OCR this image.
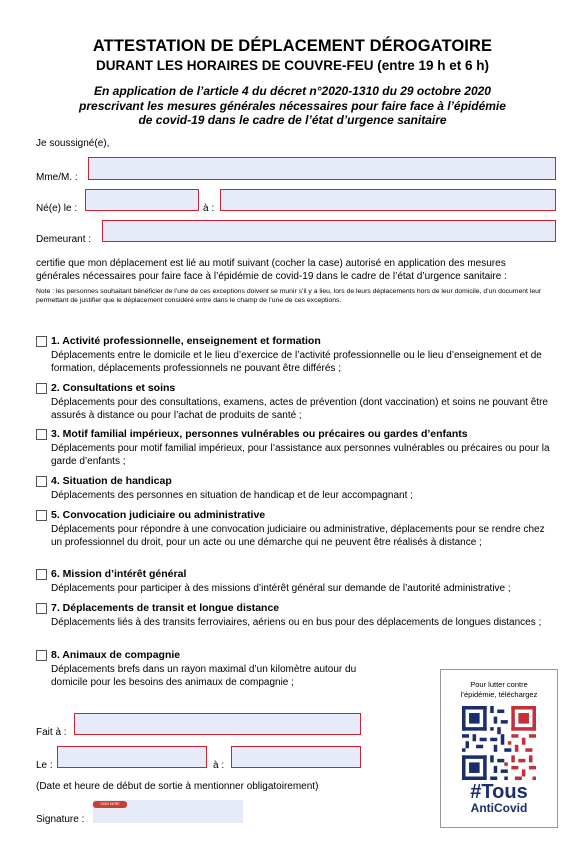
ATTESTATION DE DÉPLACEMENT DÉROGATOIRE
DURANT LES HORAIRES DE COUVRE-FEU (entre 19 h et 6 h)
En application de l’article 4 du décret n°2020-1310 du 29 octobre 2020
prescrivant les mesures générales nécessaires pour faire face à l’épidémie
de covid-19 dans le cadre de l’état d’urgence sanitaire
Je soussigné(e),
Mme/M. :
Né(e) le :	à :
Demeurant :
certifie que mon déplacement est lié au motif suivant (cocher la case) autorisé en application des mesures générales nécessaires pour faire face à l’épidémie de covid-19 dans le cadre de l’état d’urgence sanitaire :
Note : les personnes souhaitant bénéficier de l’une de ces exceptions doivent se munir s’il y a lieu, lors de leurs déplacements hors de leur domicile, d’un document leur permettant de justifier que le déplacement considéré entre dans le champ de l’une de ces exceptions.
1. Activité professionnelle, enseignement et formation
Déplacements entre le domicile et le lieu d’exercice de l’activité professionnelle ou le lieu d’enseignement et de formation, déplacements professionnels ne pouvant être différés ;
2. Consultations et soins
Déplacements pour des consultations, examens, actes de prévention (dont vaccination) et soins ne pouvant être assurés à distance ou pour l’achat de produits de santé ;
3. Motif familial impérieux, personnes vulnérables ou précaires ou gardes d’enfants
Déplacements pour motif familial impérieux, pour l’assistance aux personnes vulnérables ou précaires ou pour la garde d’enfants ;
4. Situation de handicap
Déplacements des personnes en situation de handicap et de leur accompagnant ;
5. Convocation judiciaire ou administrative
Déplacements pour répondre à une convocation judiciaire ou administrative, déplacements pour se rendre chez un professionnel du droit, pour un acte ou une démarche qui ne peuvent être réalisés à distance ;
6. Mission d’intérêt général
Déplacements pour participer à des missions d’intérêt général sur demande de l’autorité administrative ;
7. Déplacements de transit et longue distance
Déplacements liés à des transits ferroviaires, aériens ou en bus pour des déplacements de longues distances ;
8. Animaux de compagnie
Déplacements brefs dans un rayon maximal d’un kilomètre autour du domicile pour les besoins des animaux de compagnie ;
Fait à :
Le :	à :
(Date et heure de début de sortie à mentionner obligatoirement)
Signature :
SIGN HERE
Pour lutter contre
l’épidémie, téléchargez
#Tous
AntiCovid
